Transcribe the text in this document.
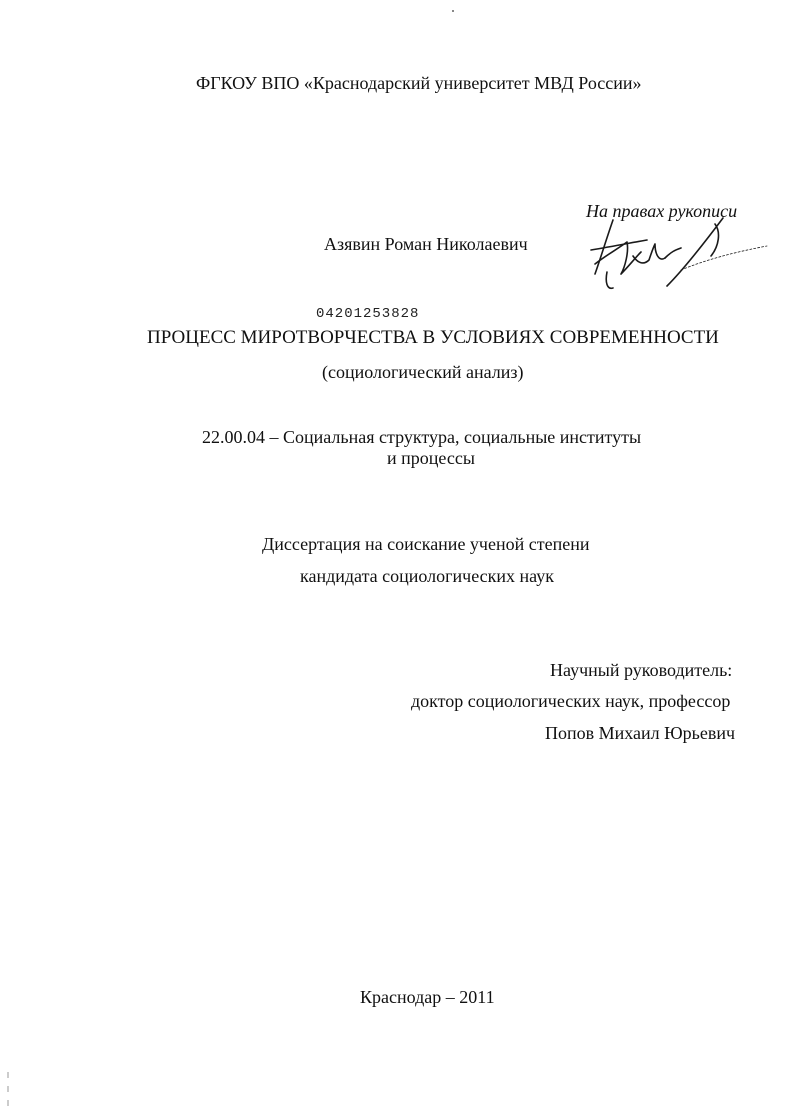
ФГКОУ ВПО «Краснодарский университет МВД России»
На правах рукописи
Азявин Роман Николаевич
04201253828
ПРОЦЕСС МИРОТВОРЧЕСТВА В УСЛОВИЯХ СОВРЕМЕННОСТИ
(социологический анализ)
22.00.04 – Социальная структура, социальные институты
и процессы
Диссертация на соискание ученой степени
кандидата социологических наук
Научный руководитель:
доктор социологических наук, профессор
Попов Михаил Юрьевич
Краснодар – 2011
